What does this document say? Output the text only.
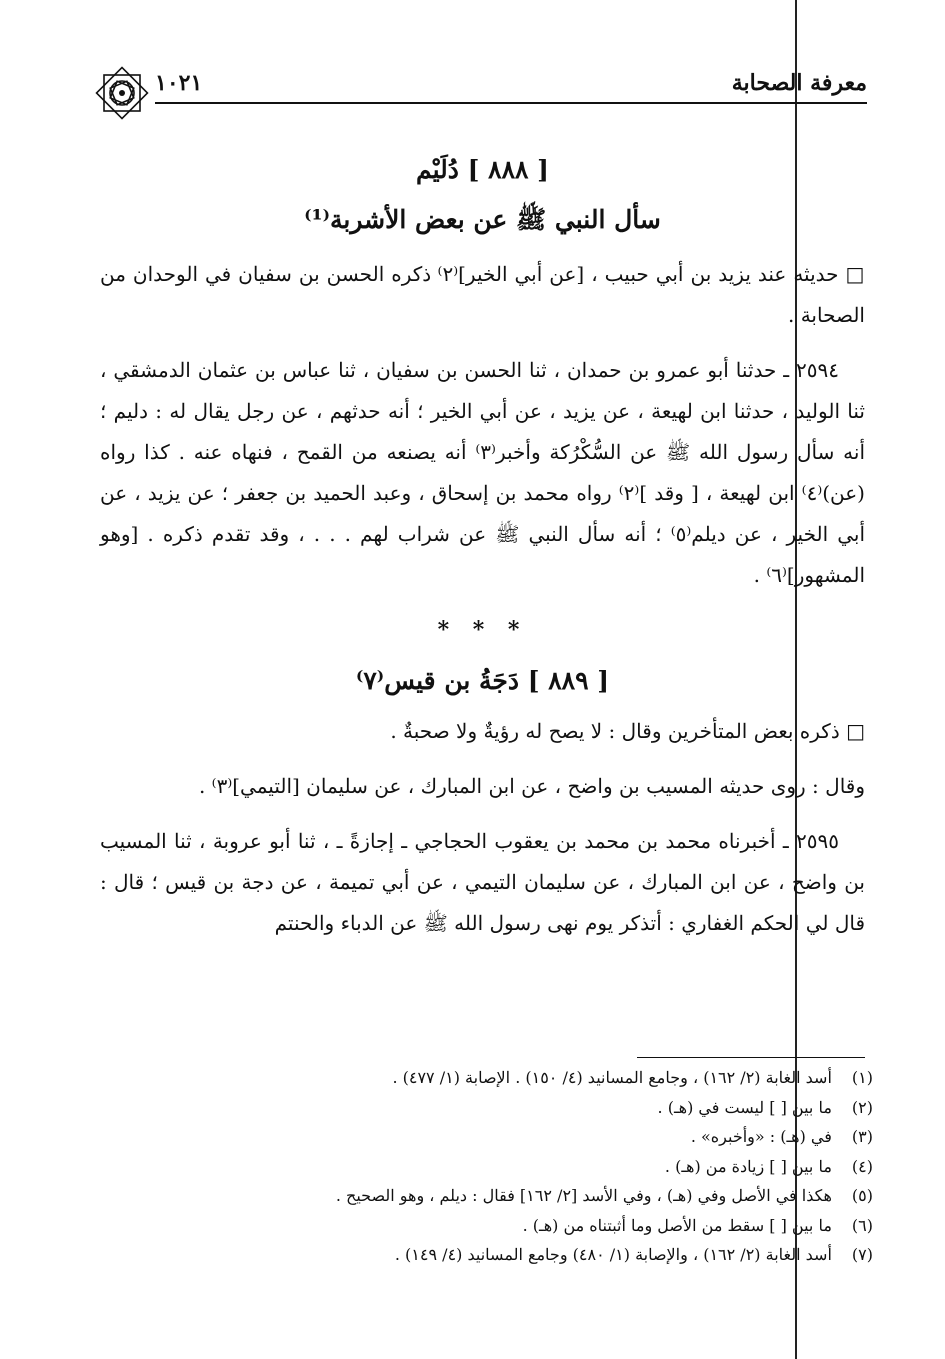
معرفة الصحابة
١٠٢١
[ ٨٨٨ ] دُلَيْم
سأل النبي ﷺ عن بعض الأشربة⁽¹⁾

□ حديثه عند يزيد بن أبي حبيب ، [عن أبي الخير]⁽٢⁾ ذكره الحسن بن سفيان في الوحدان من الصحابة .

٢٥٩٤ ـ حدثنا أبو عمرو بن حمدان ، ثنا الحسن بن سفيان ، ثنا عباس بن عثمان الدمشقي ، ثنا الوليد ، حدثنا ابن لهيعة ، عن يزيد ، عن أبي الخير ؛ أنه حدثهم ، عن رجل يقال له : دليم ؛ أنه سأل رسول الله ﷺ عن السُّكْرُكة وأخبر⁽٣⁾ أنه يصنعه من القمح ، فنهاه عنه . كذا رواه (عن)⁽٤⁾ ابن لهيعة ، [ وقد ]⁽٢⁾ رواه محمد بن إسحاق ، وعبد الحميد بن جعفر ؛ عن يزيد ، عن أبي الخير ، عن ديلم⁽٥⁾ ؛ أنه سأل النبي ﷺ عن شراب لهم . . . ، وقد تقدم ذكره . [وهو المشهور]⁽٦⁾ .

* * *
[ ٨٨٩ ] دَجَةُ بن قيس⁽٧⁾

□ ذكره بعض المتأخرين وقال : لا يصح له رؤيةٌ ولا صحبةٌ .

وقال : روى حديثه المسيب بن واضح ، عن ابن المبارك ، عن سليمان [التيمي]⁽٣⁾ .

٢٥٩٥ ـ أخبرناه محمد بن محمد بن يعقوب الحجاجي ـ إجازةً ـ ، ثنا أبو عروبة ، ثنا المسيب بن واضح ، عن ابن المبارك ، عن سليمان التيمي ، عن أبي تميمة ، عن دجة بن قيس ؛ قال : قال لي الحكم الغفاري : أتذكر يوم نهى رسول الله ﷺ عن الدباء والحنتم

(١) أسد الغابة (٢/ ١٦٢) ، وجامع المسانيد (٤/ ١٥٠) . الإصابة (١/ ٤٧٧) .
(٢) ما بين [ ] ليست في (هـ) .
(٣) في (هـ) : «وأخبره» .
(٤) ما بين [ ] زيادة من (هـ) .
(٥) هكذا في الأصل وفي (هـ) ، وفي الأسد [٢/ ١٦٢] فقال : ديلم ، وهو الصحيح .
(٦) ما بين [ ] سقط من الأصل وما أثبتناه من (هـ) .
(٧) أسد الغابة (٢/ ١٦٢) ، والإصابة (١/ ٤٨٠) وجامع المسانيد (٤/ ١٤٩) .
